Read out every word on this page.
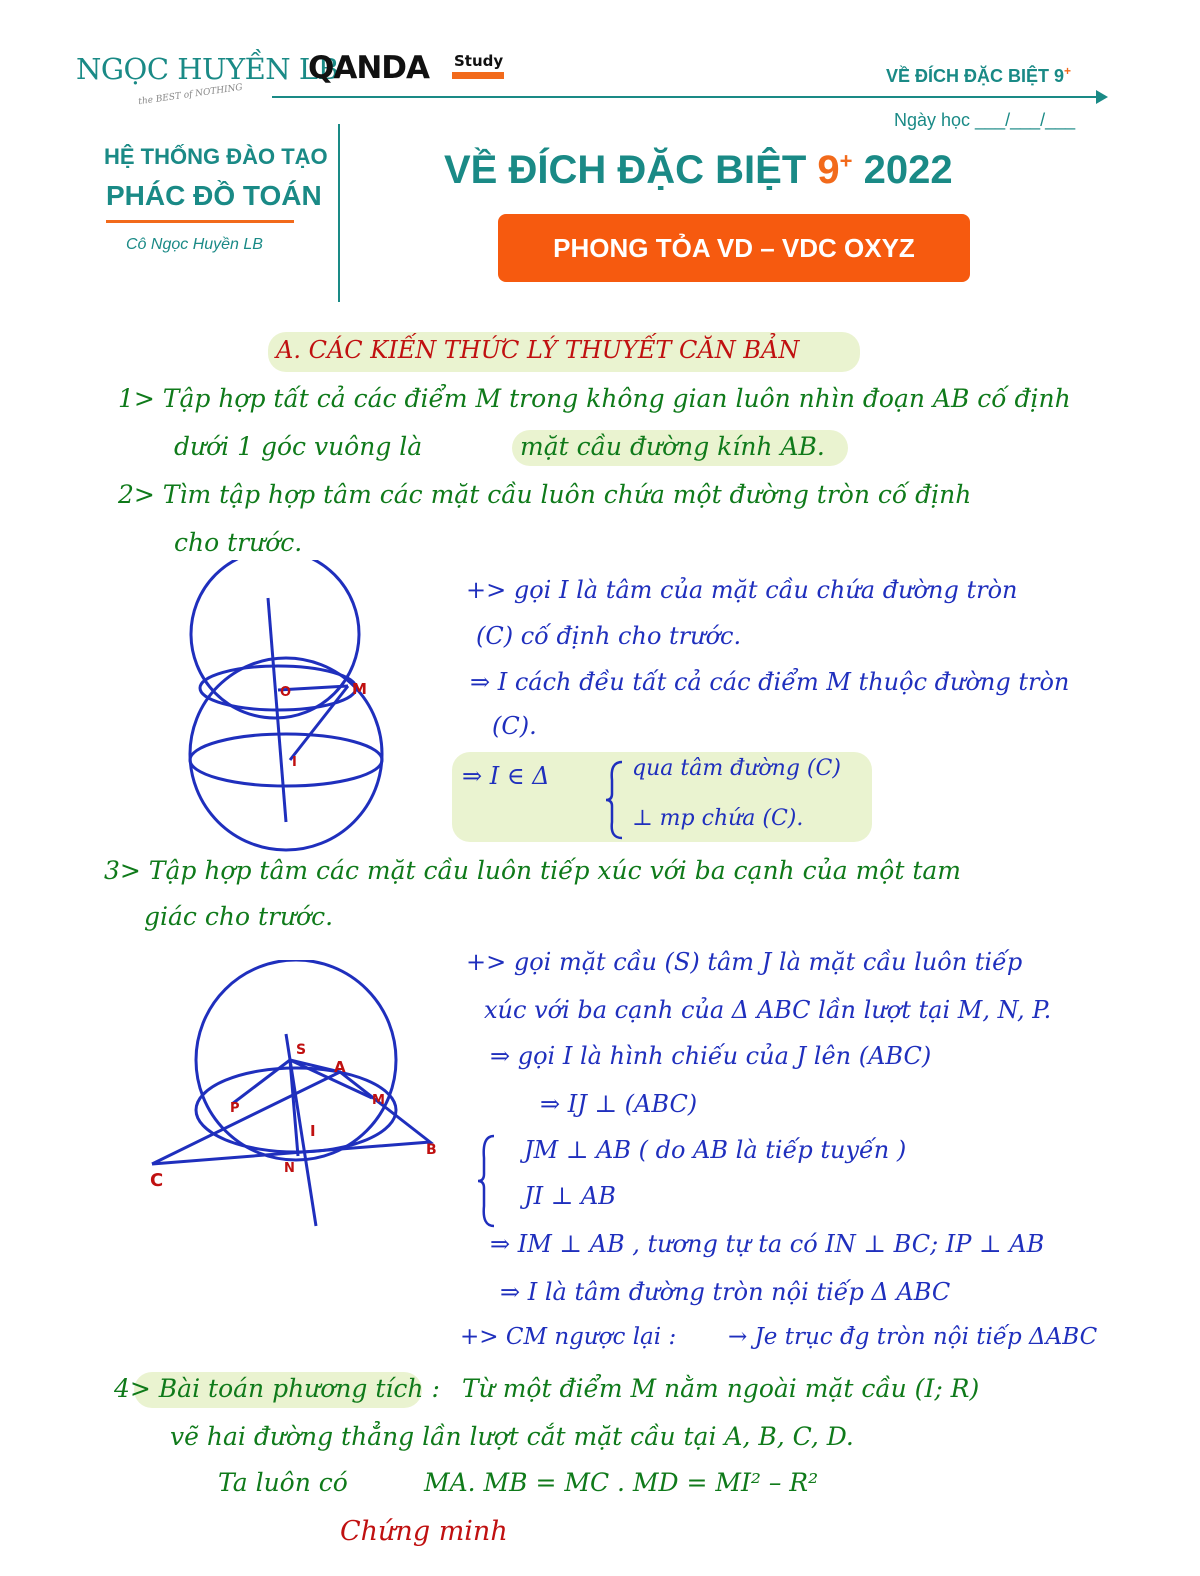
NGỌC HUYỀN LB
QANDA Study
the BEST of NOTHING
VỀ ĐÍCH ĐẶC BIỆT 9+
Ngày học ___/___/___
HỆ THỐNG ĐÀO TẠO
PHÁC ĐỒ TOÁN
Cô Ngọc Huyền LB
VỀ ĐÍCH ĐẶC BIỆT 9+ 2022
PHONG TỎA VD – VDC OXYZ
A. CÁC KIẾN THỨC LÝ THUYẾT CĂN BẢN
1> Tập hợp tất cả các điểm M trong không gian luôn nhìn đoạn AB cố định
dưới 1 góc vuông là	mặt cầu đường kính AB.
2> Tìm tập hợp tâm các mặt cầu luôn chứa một đường tròn cố định
cho trước.
+> gọi I là tâm của mặt cầu chứa đường tròn
(C) cố định cho trước.
⇒ I cách đều tất cả các điểm M thuộc đường tròn
(C).
⇒ I ∈ Δ	qua tâm đường (C)
⊥ mp chứa (C).
3> Tập hợp tâm các mặt cầu luôn tiếp xúc với ba cạnh của một tam
giác cho trước.
+> gọi mặt cầu (S) tâm J là mặt cầu luôn tiếp
xúc với ba cạnh của Δ ABC lần lượt tại M, N, P.
⇒ gọi I là hình chiếu của J lên (ABC)
⇒ IJ ⊥ (ABC)
JM ⊥ AB ( do AB là tiếp tuyến )
JI ⊥ AB
⇒ IM ⊥ AB , tương tự ta có IN ⊥ BC; IP ⊥ AB
⇒ I là tâm đường tròn nội tiếp Δ ABC
+> CM ngược lại : → Je trục đg tròn nội tiếp ΔABC
4> Bài toán phương tích : Từ một điểm M nằm ngoài mặt cầu (I; R)
vẽ hai đường thẳng lần lượt cắt mặt cầu tại A, B, C, D.
Ta luôn có	MA. MB = MC . MD = MI² – R²
Chứng minh
O	M
I
S
A
M
P
I
B
C
N
